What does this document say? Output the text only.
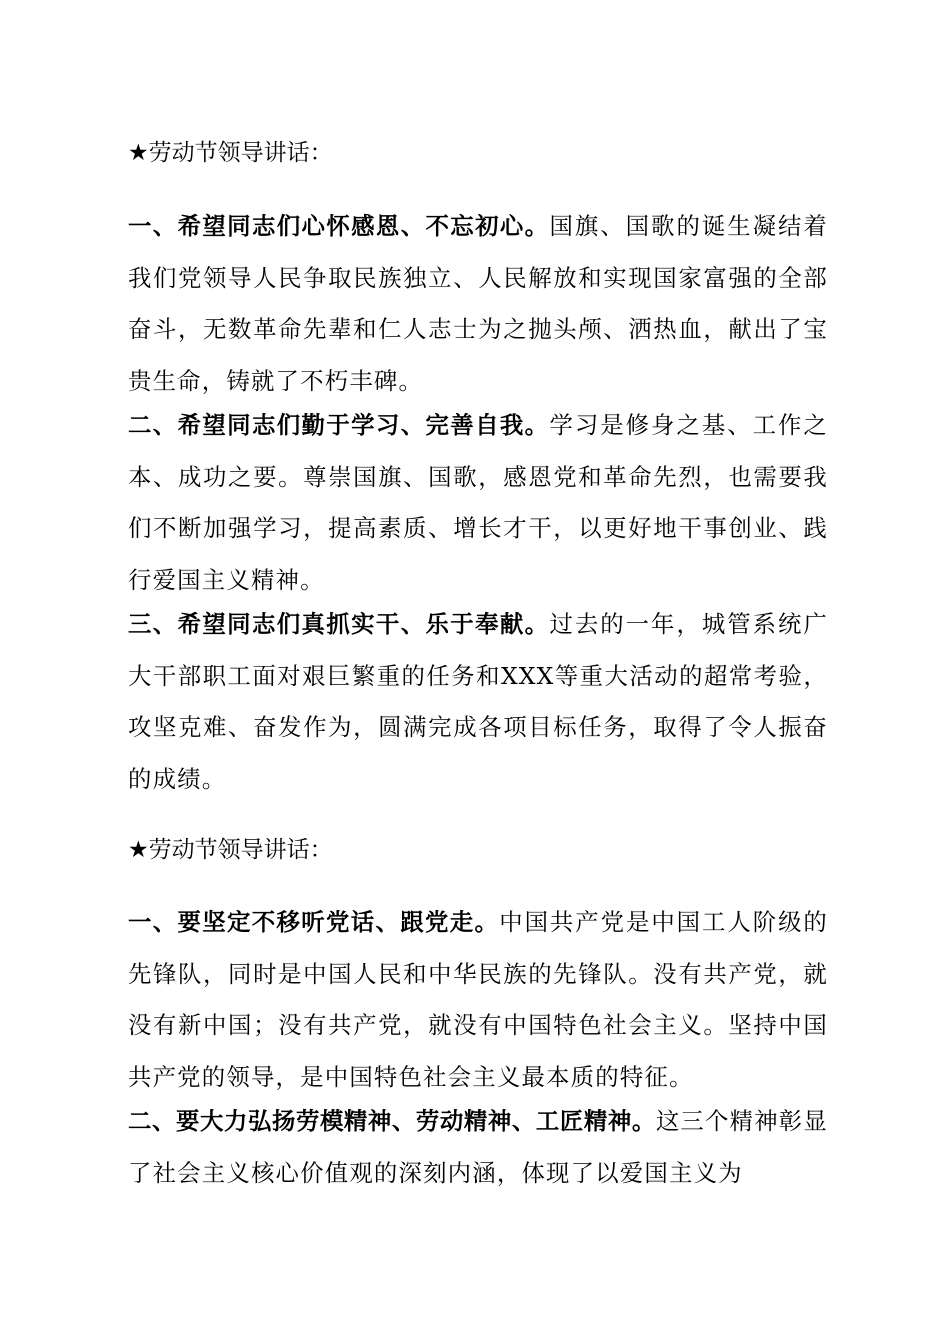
★劳动节领导讲话：
一、希望同志们心怀感恩、不忘初心。国旗、国歌的诞生凝结着我们党领导人民争取民族独立、人民解放和实现国家富强的全部奋斗，无数革命先辈和仁人志士为之抛头颅、洒热血，献出了宝贵生命，铸就了不朽丰碑。
二、希望同志们勤于学习、完善自我。学习是修身之基、工作之本、成功之要。尊崇国旗、国歌，感恩党和革命先烈，也需要我们不断加强学习，提高素质、增长才干，以更好地干事创业、践行爱国主义精神。
三、希望同志们真抓实干、乐于奉献。过去的一年，城管系统广大干部职工面对艰巨繁重的任务和XXX等重大活动的超常考验，攻坚克难、奋发作为，圆满完成各项目标任务，取得了令人振奋的成绩。
★劳动节领导讲话：
一、要坚定不移听党话、跟党走。中国共产党是中国工人阶级的先锋队，同时是中国人民和中华民族的先锋队。没有共产党，就没有新中国；没有共产党，就没有中国特色社会主义。坚持中国共产党的领导，是中国特色社会主义最本质的特征。
二、要大力弘扬劳模精神、劳动精神、工匠精神。这三个精神彰显了社会主义核心价值观的深刻内涵，体现了以爱国主义为
